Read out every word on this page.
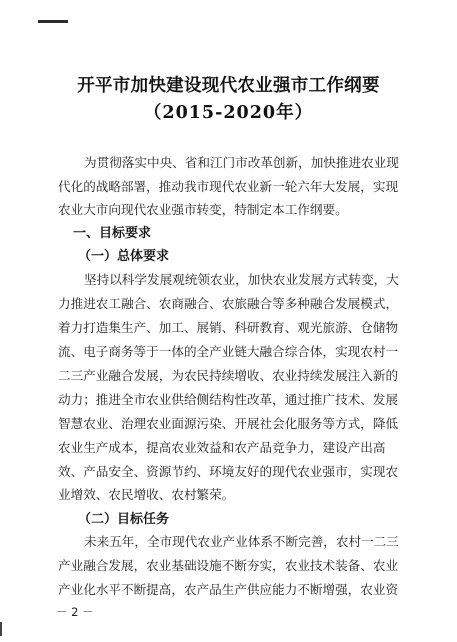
开平市加快建设现代农业强市工作纲要
（2015-2020年）
为贯彻落实中央、省和江门市改革创新，加快推进农业现
代化的战略部署，推动我市现代农业新一轮六年大发展，实现
农业大市向现代农业强市转变，特制定本工作纲要。
一、目标要求
（一）总体要求
坚持以科学发展观统领农业，加快农业发展方式转变，大
力推进农工融合、农商融合、农旅融合等多种融合发展模式，
着力打造集生产、加工、展销、科研教育、观光旅游、仓储物
流、电子商务等于一体的全产业链大融合综合体，实现农村一
二三产业融合发展，为农民持续增收、农业持续发展注入新的
动力；推进全市农业供给侧结构性改革，通过推广技术、发展
智慧农业、治理农业面源污染、开展社会化服务等方式，降低
农业生产成本，提高农业效益和农产品竞争力，建设产出高
效、产品安全、资源节约、环境友好的现代农业强市，实现农
业增效、农民增收、农村繁荣。
（二）目标任务
未来五年，全市现代农业产业体系不断完善，农村一二三
产业融合发展，农业基础设施不断夯实，农业技术装备、农业
产业化水平不断提高，农产品生产供应能力不断增强，农业资
－ 2 －
